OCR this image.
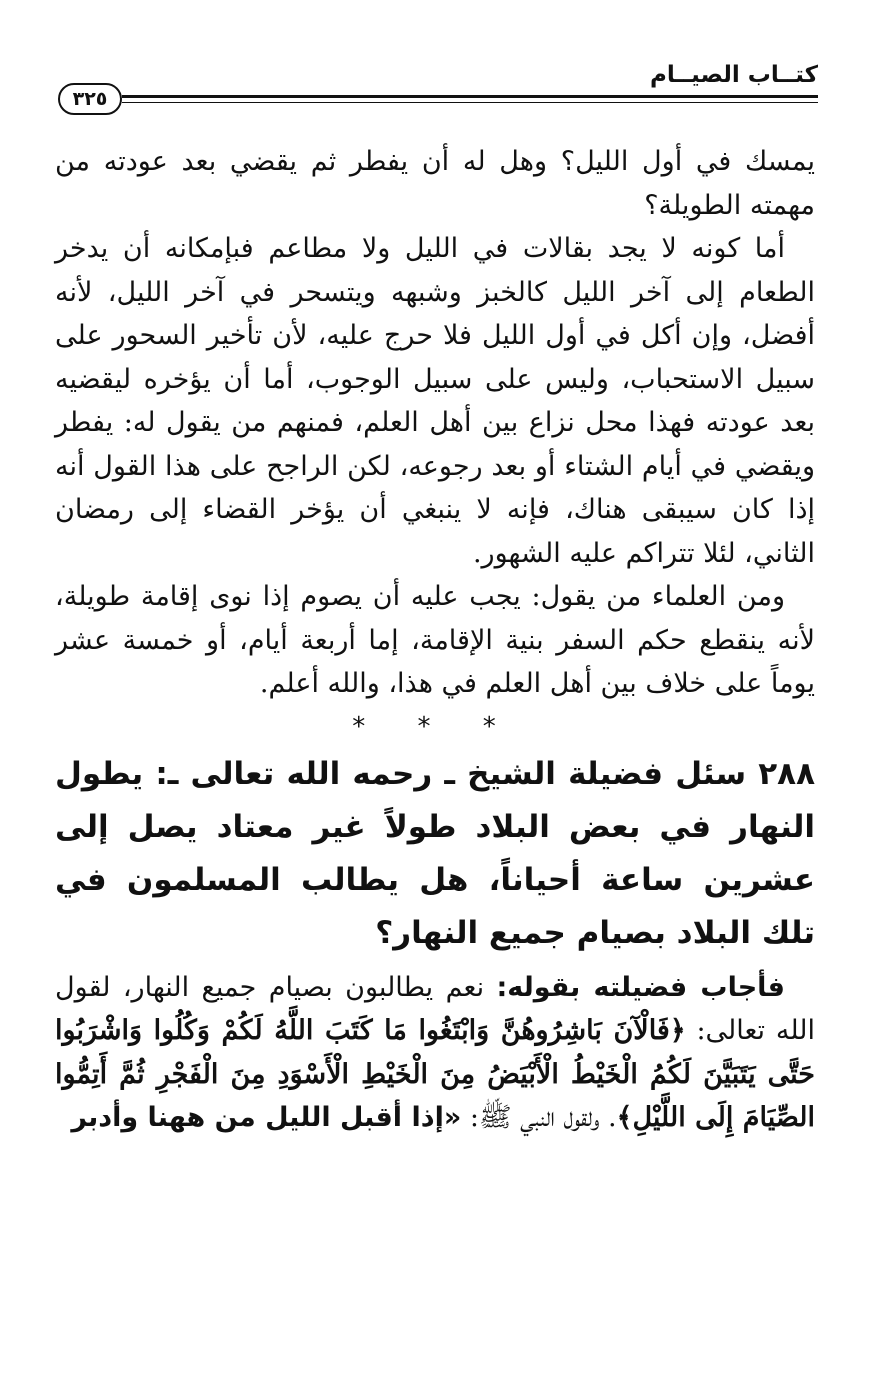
كتــاب الصيــام
٣٢٥

يمسك في أول الليل؟ وهل له أن يفطر ثم يقضي بعد عودته من مهمته الطويلة؟

أما كونه لا يجد بقالات في الليل ولا مطاعم فبإمكانه أن يدخر الطعام إلى آخر الليل كالخبز وشبهه ويتسحر في آخر الليل، لأنه أفضل، وإن أكل في أول الليل فلا حرج عليه، لأن تأخير السحور على سبيل الاستحباب، وليس على سبيل الوجوب، أما أن يؤخره ليقضيه بعد عودته فهذا محل نزاع بين أهل العلم، فمنهم من يقول له: يفطر ويقضي في أيام الشتاء أو بعد رجوعه، لكن الراجح على هذا القول أنه إذا كان سيبقى هناك، فإنه لا ينبغي أن يؤخر القضاء إلى رمضان الثاني، لئلا تتراكم عليه الشهور.

ومن العلماء من يقول: يجب عليه أن يصوم إذا نوى إقامة طويلة، لأنه ينقطع حكم السفر بنية الإقامة، إما أربعة أيام، أو خمسة عشر يوماً على خلاف بين أهل العلم في هذا، والله أعلم.

* * *

٢٨٨ سئل فضيلة الشيخ ـ رحمه الله تعالى ـ: يطول النهار في بعض البلاد طولاً غير معتاد يصل إلى عشرين ساعة أحياناً، هل يطالب المسلمون في تلك البلاد بصيام جميع النهار؟

فأجاب فضيلته بقوله: نعم يطالبون بصيام جميع النهار، لقول الله تعالى: ﴿فَالْآنَ بَاشِرُوهُنَّ وَابْتَغُوا مَا كَتَبَ اللَّهُ لَكُمْ وَكُلُوا وَاشْرَبُوا حَتَّى يَتَبَيَّنَ لَكُمُ الْخَيْطُ الْأَبْيَضُ مِنَ الْخَيْطِ الْأَسْوَدِ مِنَ الْفَجْرِ ثُمَّ أَتِمُّوا الصِّيَامَ إِلَى اللَّيْلِ﴾. ولقول النبي ﷺ: «إذا أقبل الليل من ههنا وأدبر
